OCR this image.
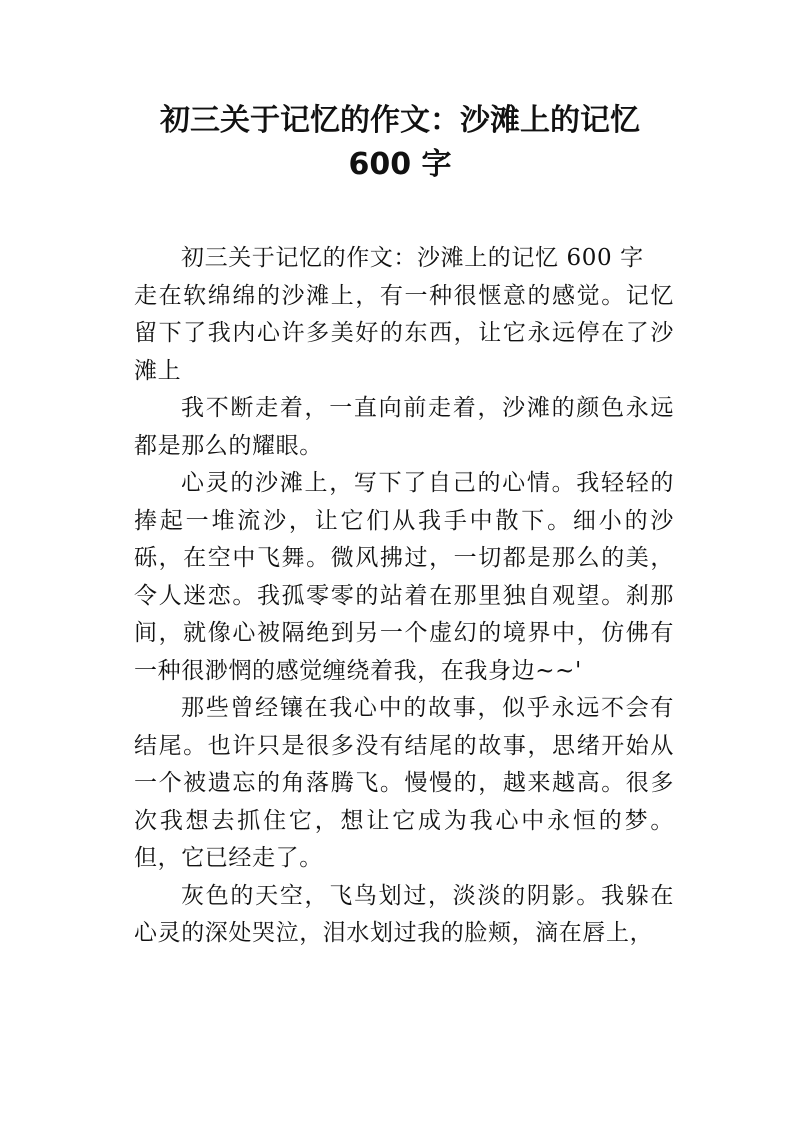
初三关于记忆的作文：沙滩上的记忆
600 字

初三关于记忆的作文：沙滩上的记忆 600 字

走在软绵绵的沙滩上，有一种很惬意的感觉。记忆留下了我内心许多美好的东西，让它永远停在了沙滩上

我不断走着，一直向前走着，沙滩的颜色永远都是那么的耀眼。

心灵的沙滩上，写下了自己的心情。我轻轻的捧起一堆流沙，让它们从我手中散下。细小的沙砾，在空中飞舞。微风拂过，一切都是那么的美，令人迷恋。我孤零零的站着在那里独自观望。刹那间，就像心被隔绝到另一个虚幻的境界中，仿佛有一种很渺惘的感觉缠绕着我，在我身边~~'

那些曾经镶在我心中的故事，似乎永远不会有结尾。也许只是很多没有结尾的故事，思绪开始从一个被遗忘的角落腾飞。慢慢的，越来越高。很多次我想去抓住它，想让它成为我心中永恒的梦。但，它已经走了。

灰色的天空，飞鸟划过，淡淡的阴影。我躲在心灵的深处哭泣，泪水划过我的脸颊，滴在唇上，
